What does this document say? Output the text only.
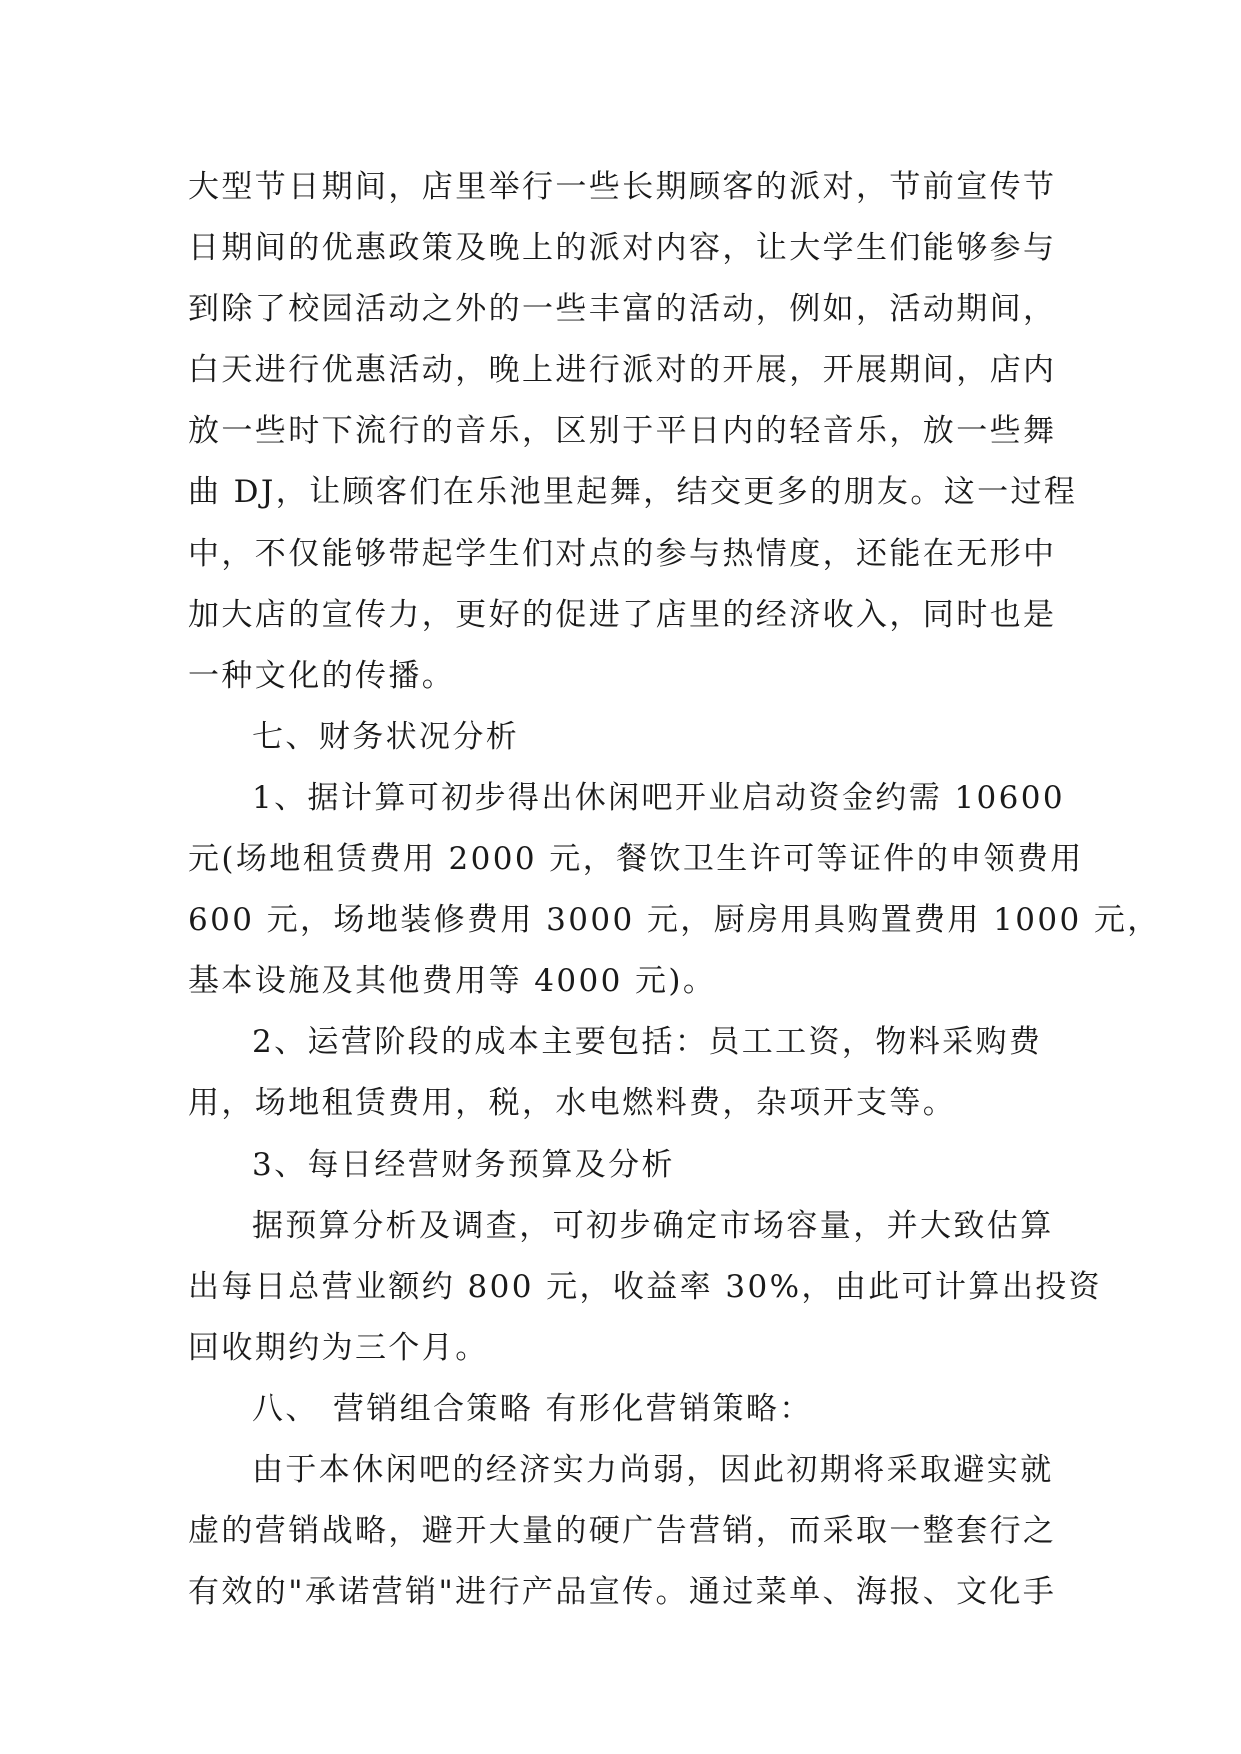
大型节日期间，店里举行一些长期顾客的派对，节前宣传节
日期间的优惠政策及晚上的派对内容，让大学生们能够参与
到除了校园活动之外的一些丰富的活动，例如，活动期间，
白天进行优惠活动，晚上进行派对的开展，开展期间，店内
放一些时下流行的音乐，区别于平日内的轻音乐，放一些舞
曲 DJ，让顾客们在乐池里起舞，结交更多的朋友。这一过程
中，不仅能够带起学生们对点的参与热情度，还能在无形中
加大店的宣传力，更好的促进了店里的经济收入，同时也是
一种文化的传播。
七、财务状况分析
1、据计算可初步得出休闲吧开业启动资金约需 10600
元(场地租赁费用 2000 元，餐饮卫生许可等证件的申领费用
600 元，场地装修费用 3000 元，厨房用具购置费用 1000 元，
基本设施及其他费用等 4000 元)。
2、运营阶段的成本主要包括：员工工资，物料采购费
用，场地租赁费用，税，水电燃料费，杂项开支等。
3、每日经营财务预算及分析
据预算分析及调查，可初步确定市场容量，并大致估算
出每日总营业额约 800 元，收益率 30%，由此可计算出投资
回收期约为三个月。
八、 营销组合策略 有形化营销策略：
由于本休闲吧的经济实力尚弱，因此初期将采取避实就
虚的营销战略，避开大量的硬广告营销，而采取一整套行之
有效的"承诺营销"进行产品宣传。通过菜单、海报、文化手
